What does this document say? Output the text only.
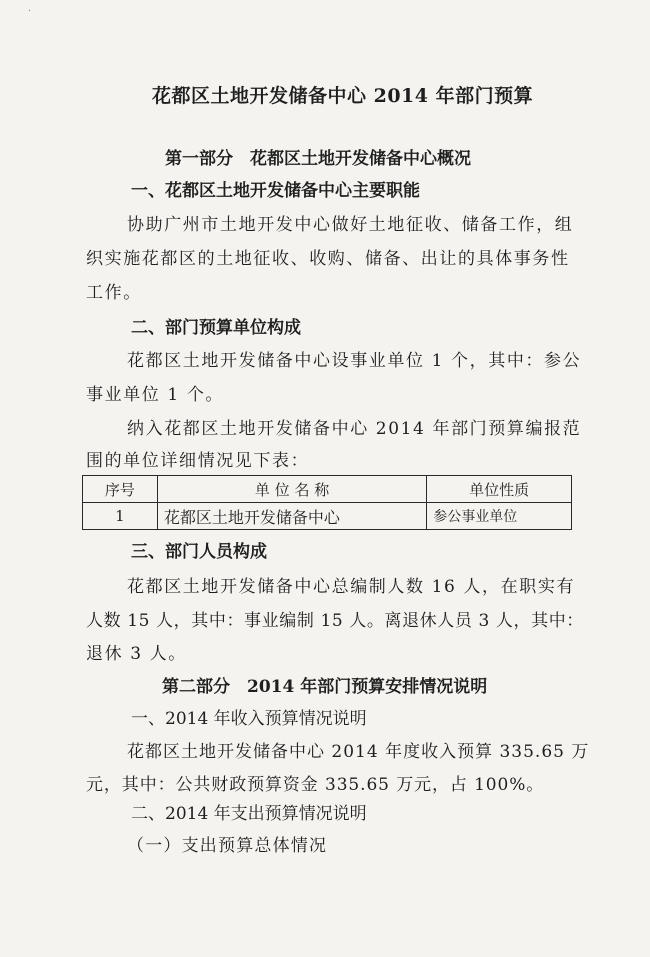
·
花都区土地开发储备中心 2014 年部门预算
第一部分　花都区土地开发储备中心概况
一、花都区土地开发储备中心主要职能
协助广州市土地开发中心做好土地征收、储备工作，组
织实施花都区的土地征收、收购、储备、出让的具体事务性
工作。
二、部门预算单位构成
花都区土地开发储备中心设事业单位 1 个，其中：参公
事业单位 1 个。
纳入花都区土地开发储备中心 2014 年部门预算编报范
围的单位详细情况见下表：
序号	单 位 名 称	单位性质
1	花都区土地开发储备中心	参公事业单位
三、部门人员构成
花都区土地开发储备中心总编制人数 16 人，在职实有
人数 15 人，其中：事业编制 15 人。离退休人员 3 人，其中：
退休 3 人。
第二部分　2014 年部门预算安排情况说明
一、2014 年收入预算情况说明
花都区土地开发储备中心 2014 年度收入预算 335.65 万
元，其中：公共财政预算资金 335.65 万元，占 100%。
二、2014 年支出预算情况说明
（一）支出预算总体情况
